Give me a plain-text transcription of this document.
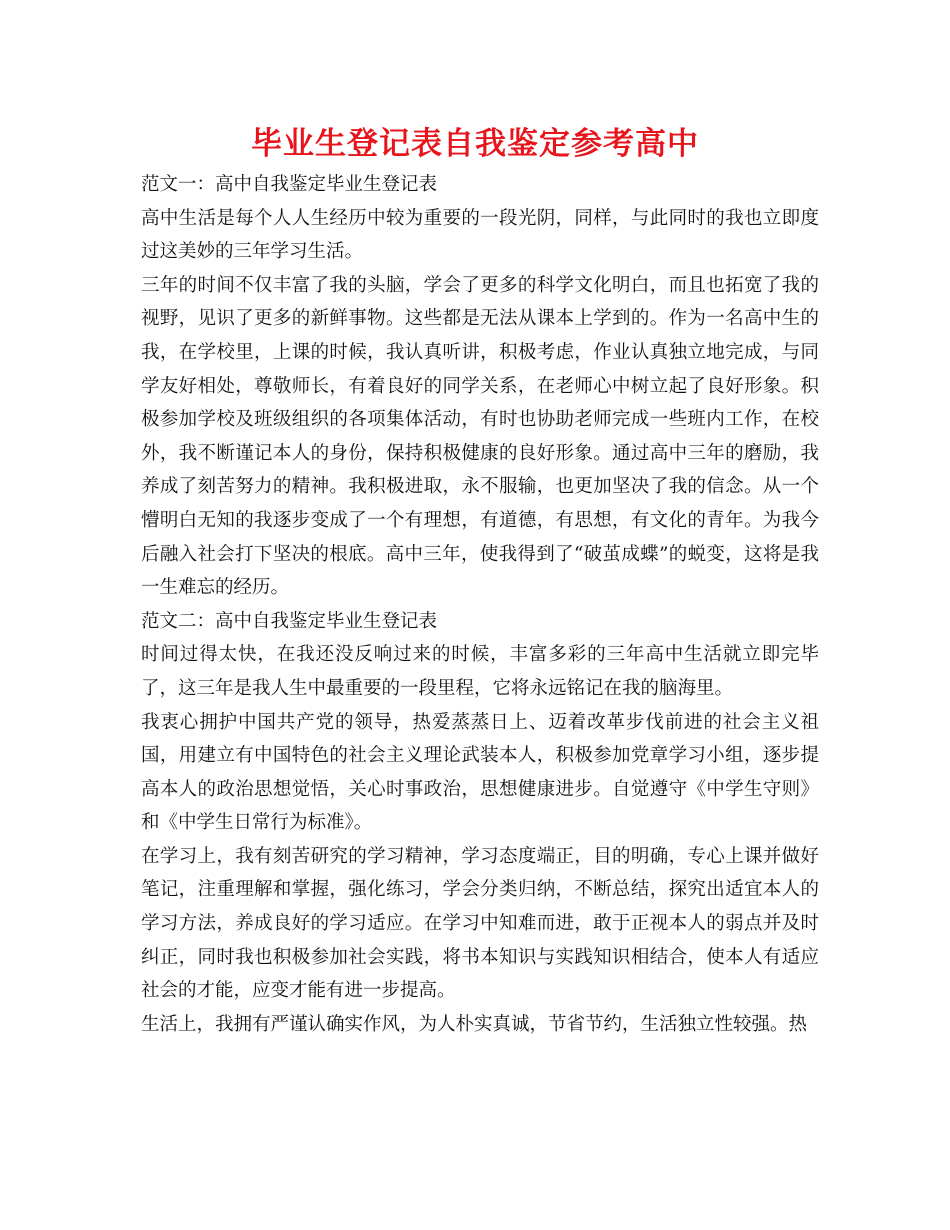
毕业生登记表自我鉴定参考高中

范文一：高中自我鉴定毕业生登记表

高中生活是每个人人生经历中较为重要的一段光阴，同样，与此同时的我也立即度过这美妙的三年学习生活。

三年的时间不仅丰富了我的头脑，学会了更多的科学文化明白，而且也拓宽了我的视野，见识了更多的新鲜事物。这些都是无法从课本上学到的。作为一名高中生的我，在学校里，上课的时候，我认真听讲，积极考虑，作业认真独立地完成，与同学友好相处，尊敬师长，有着良好的同学关系，在老师心中树立起了良好形象。积极参加学校及班级组织的各项集体活动，有时也协助老师完成一些班内工作，在校外，我不断谨记本人的身份，保持积极健康的良好形象。通过高中三年的磨励，我养成了刻苦努力的精神。我积极进取，永不服输，也更加坚决了我的信念。从一个懵明白无知的我逐步变成了一个有理想，有道德，有思想，有文化的青年。为我今后融入社会打下坚决的根底。高中三年，使我得到了“破茧成蝶”的蜕变，这将是我一生难忘的经历。

范文二：高中自我鉴定毕业生登记表

时间过得太快，在我还没反响过来的时候，丰富多彩的三年高中生活就立即完毕了，这三年是我人生中最重要的一段里程，它将永远铭记在我的脑海里。

我衷心拥护中国共产党的领导，热爱蒸蒸日上、迈着改革步伐前进的社会主义祖国，用建立有中国特色的社会主义理论武装本人，积极参加党章学习小组，逐步提高本人的政治思想觉悟，关心时事政治，思想健康进步。自觉遵守《中学生守则》和《中学生日常行为标准》。

在学习上，我有刻苦研究的学习精神，学习态度端正，目的明确，专心上课并做好笔记，注重理解和掌握，强化练习，学会分类归纳，不断总结，探究出适宜本人的学习方法，养成良好的学习适应。在学习中知难而进，敢于正视本人的弱点并及时纠正，同时我也积极参加社会实践，将书本知识与实践知识相结合，使本人有适应社会的才能，应变才能有进一步提高。

生活上，我拥有严谨认确实作风，为人朴实真诚，节省节约，生活独立性较强。热
